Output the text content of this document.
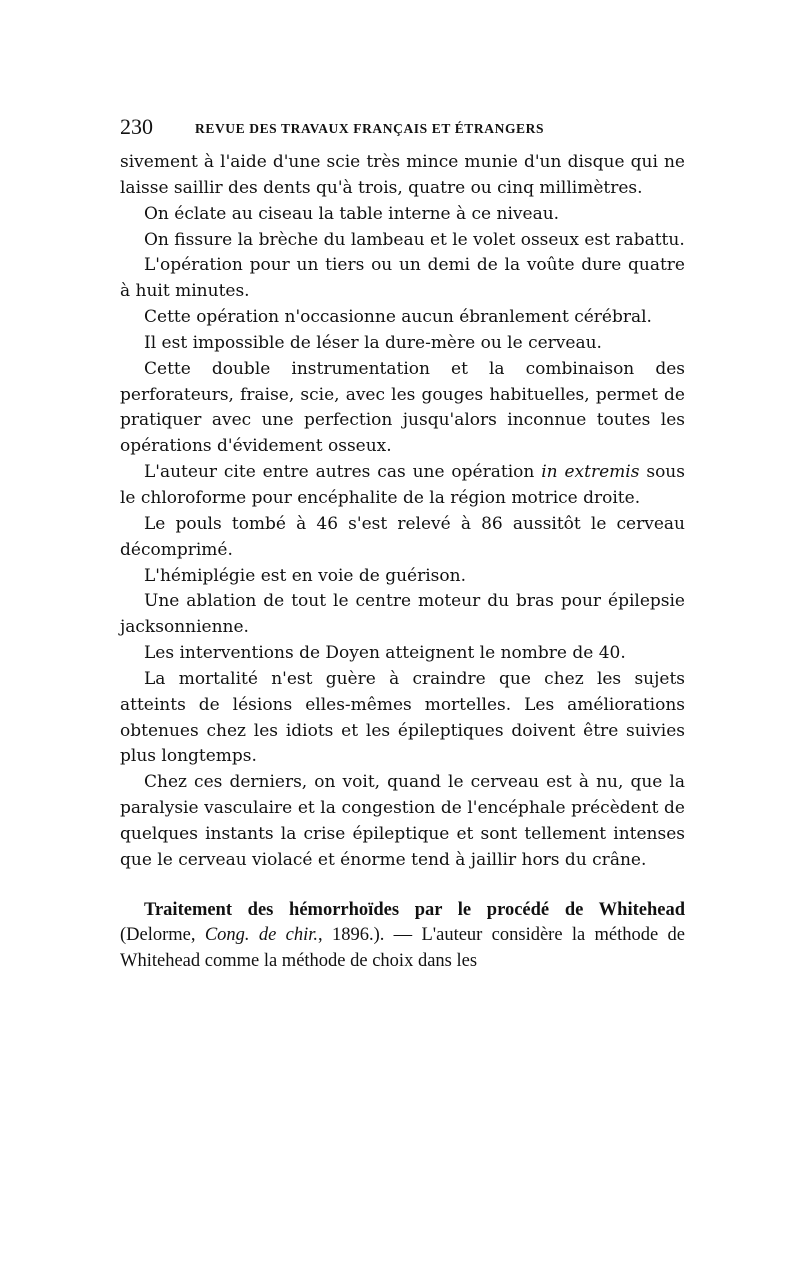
230	REVUE DES TRAVAUX FRANÇAIS ET ÉTRANGERS

sivement à l'aide d'une scie très mince munie d'un disque qui ne laisse saillir des dents qu'à trois, quatre ou cinq millimètres.

On éclate au ciseau la table interne à ce niveau.

On fissure la brèche du lambeau et le volet osseux est rabattu.

L'opération pour un tiers ou un demi de la voûte dure quatre à huit minutes.

Cette opération n'occasionne aucun ébranlement cérébral.

Il est impossible de léser la dure-mère ou le cerveau.

Cette double instrumentation et la combinaison des perforateurs, fraise, scie, avec les gouges habituelles, permet de pratiquer avec une perfection jusqu'alors inconnue toutes les opérations d'évidement osseux.

L'auteur cite entre autres cas une opération in extremis sous le chloroforme pour encéphalite de la région motrice droite.

Le pouls tombé à 46 s'est relevé à 86 aussitôt le cerveau décomprimé.

L'hémiplégie est en voie de guérison.

Une ablation de tout le centre moteur du bras pour épilepsie jacksonnienne.

Les interventions de Doyen atteignent le nombre de 40.

La mortalité n'est guère à craindre que chez les sujets atteints de lésions elles-mêmes mortelles. Les améliorations obtenues chez les idiots et les épileptiques doivent être suivies plus longtemps.

Chez ces derniers, on voit, quand le cerveau est à nu, que la paralysie vasculaire et la congestion de l'encéphale précèdent de quelques instants la crise épileptique et sont tellement intenses que le cerveau violacé et énorme tend à jaillir hors du crâne.

Traitement des hémorrhoïdes par le procédé de Whitehead (Delorme, Cong. de chir., 1896.). — L'auteur considère la méthode de Whitehead comme la méthode de choix dans les
